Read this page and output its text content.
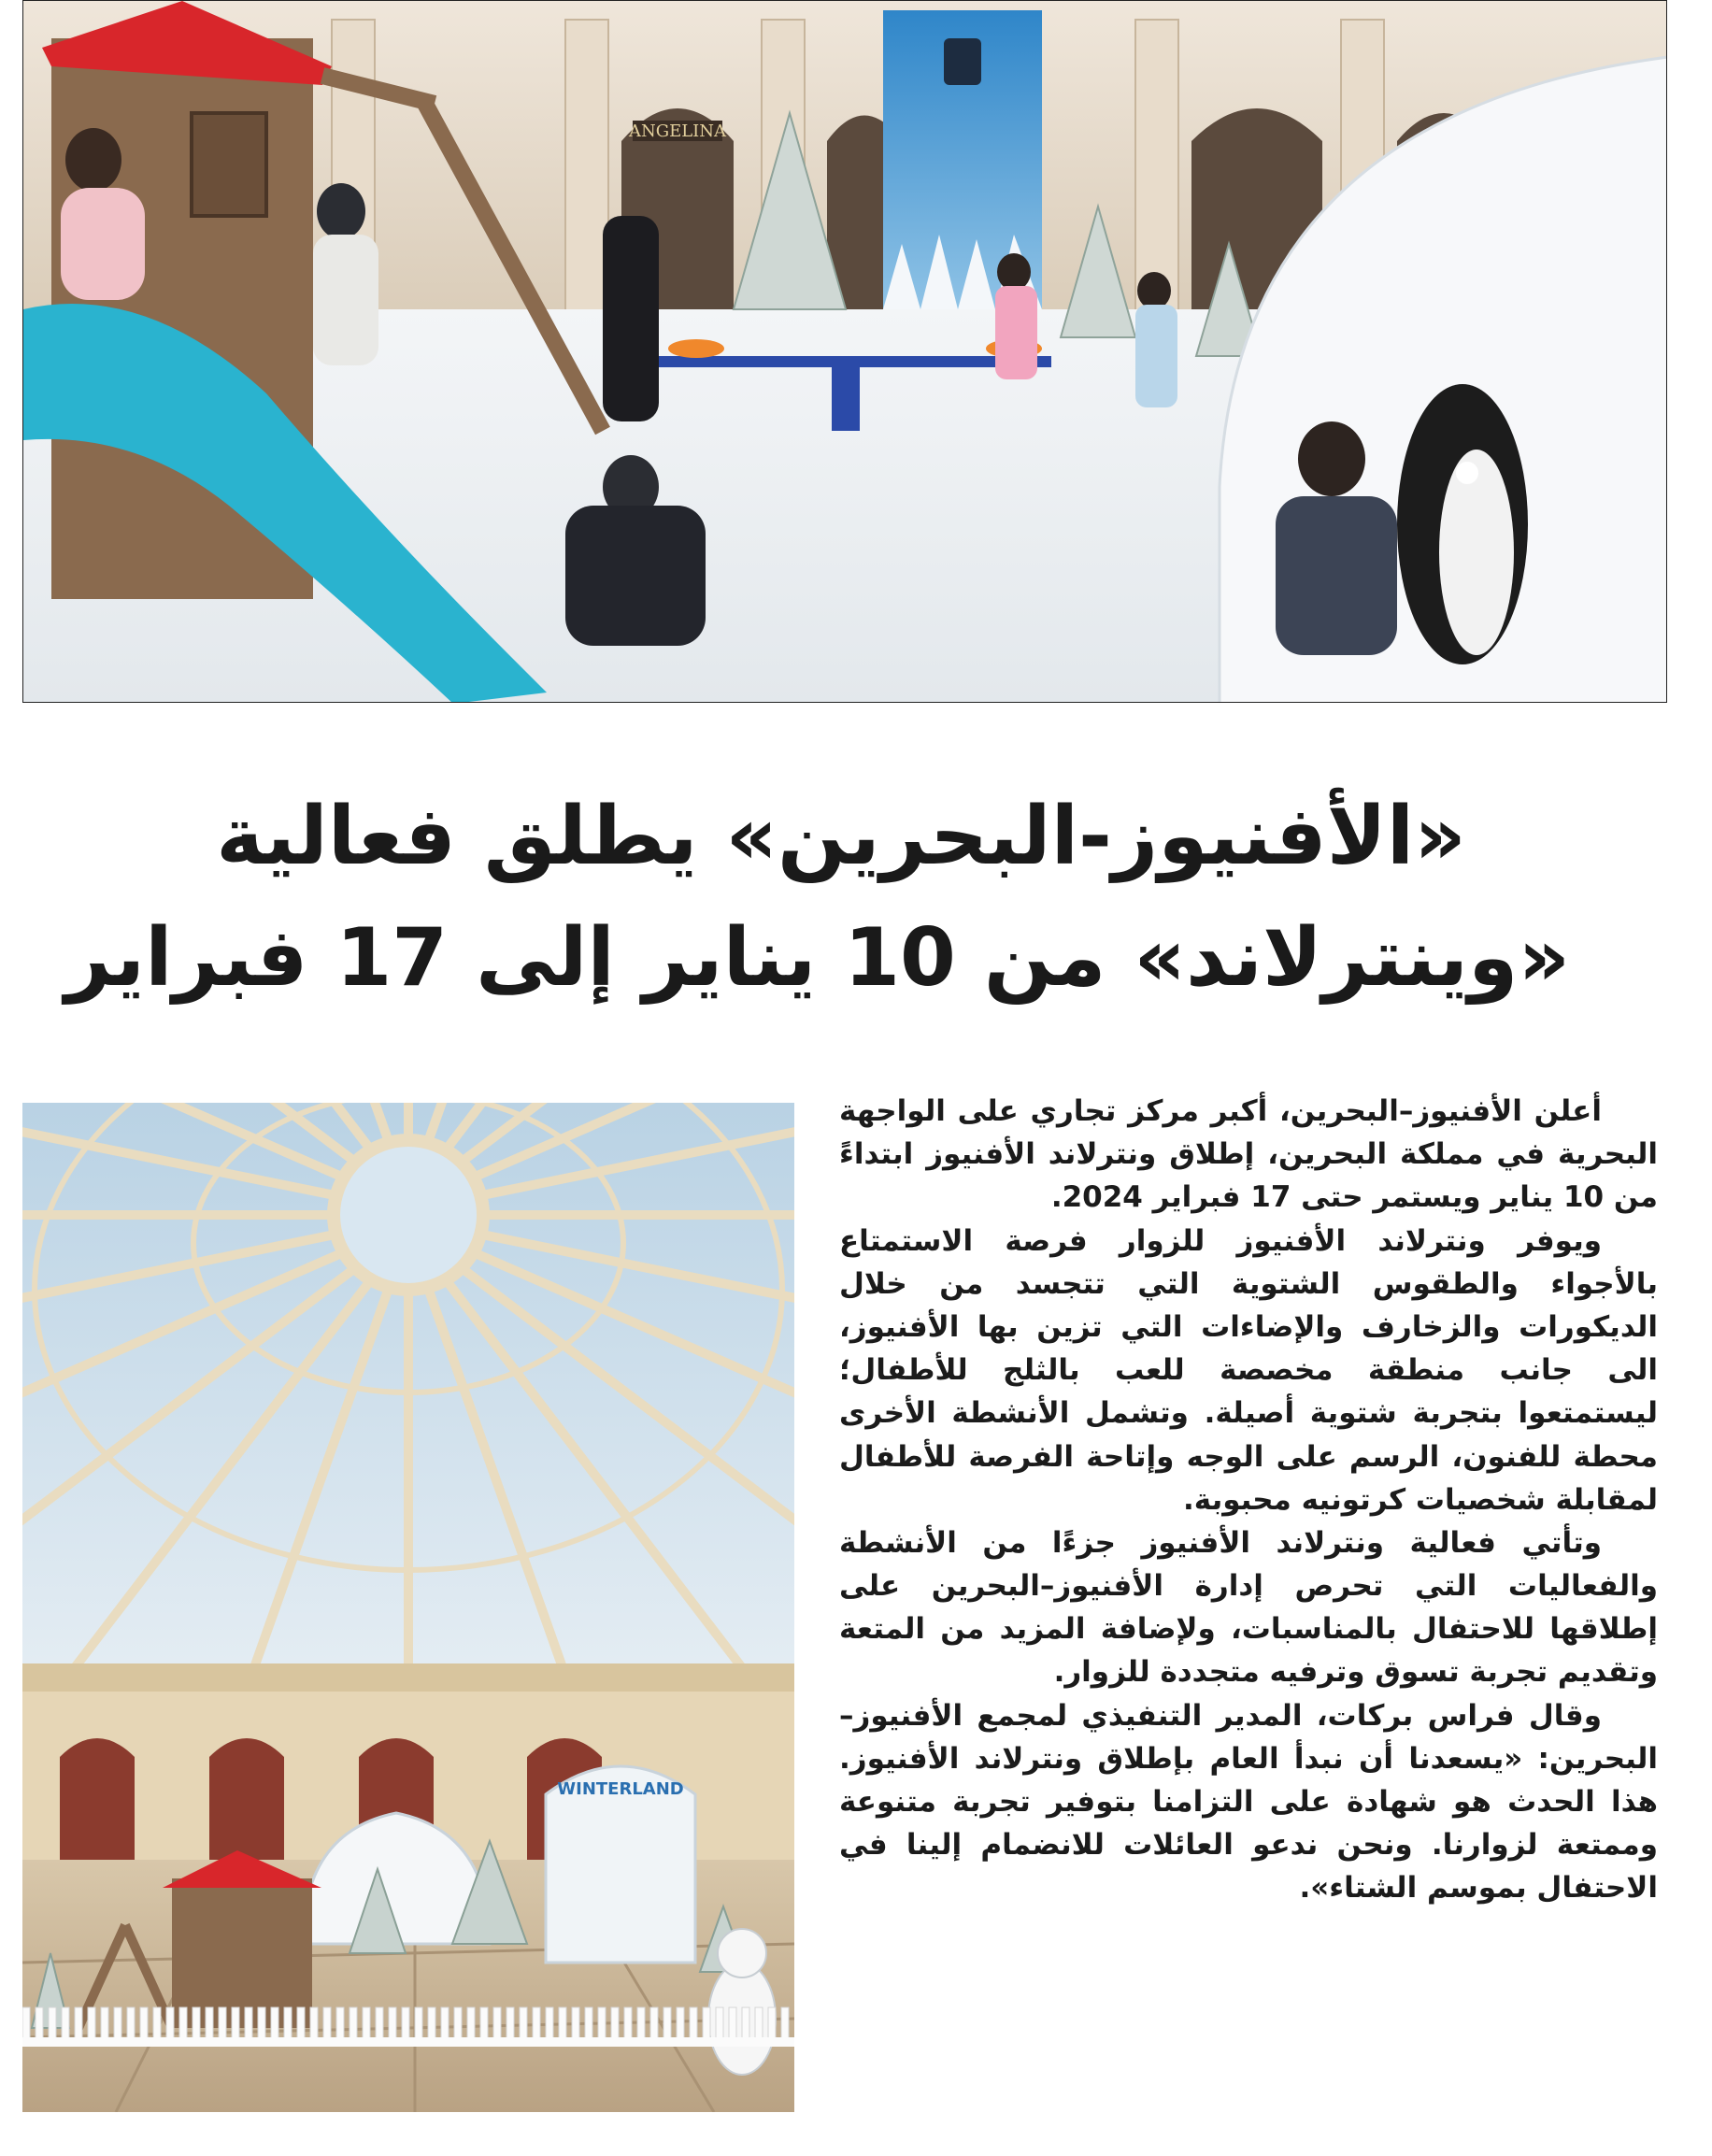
ANGELINA
«الأفنيوز-البحرين» يطلق فعالية
«وينترلاند» من 10 يناير إلى 17 فبراير
WINTERLAND
أعلن الأفنيوز–البحرين، أكبر مركز تجاري على الواجهة
البحرية في مملكة البحرين، إطلاق ونترلاند الأفنيوز ابتداءً
من 10 يناير ويستمر حتى 17 فبراير 2024.
ويوفر ونترلاند الأفنيوز للزوار فرصة الاستمتاع
بالأجواء والطقوس الشتوية التي تتجسد من خلال
الديكورات والزخارف والإضاءات التي تزين بها الأفنيوز،
الى جانب منطقة مخصصة للعب بالثلج للأطفال؛
ليستمتعوا بتجربة شتوية أصيلة. وتشمل الأنشطة الأخرى
محطة للفنون، الرسم على الوجه وإتاحة الفرصة للأطفال
لمقابلة شخصيات كرتونيه محبوبة.
وتأتي فعالية ونترلاند الأفنيوز جزءًا من الأنشطة
والفعاليات التي تحرص إدارة الأفنيوز–البحرين على
إطلاقها للاحتفال بالمناسبات، ولإضافة المزيد من المتعة
وتقديم تجربة تسوق وترفيه متجددة للزوار.
وقال فراس بركات، المدير التنفيذي لمجمع الأفنيوز–
البحرين: «يسعدنا أن نبدأ العام بإطلاق ونترلاند الأفنيوز.
هذا الحدث هو شهادة على التزامنا بتوفير تجربة متنوعة
وممتعة لزوارنا. ونحن ندعو العائلات للانضمام إلينا في
الاحتفال بموسم الشتاء».
